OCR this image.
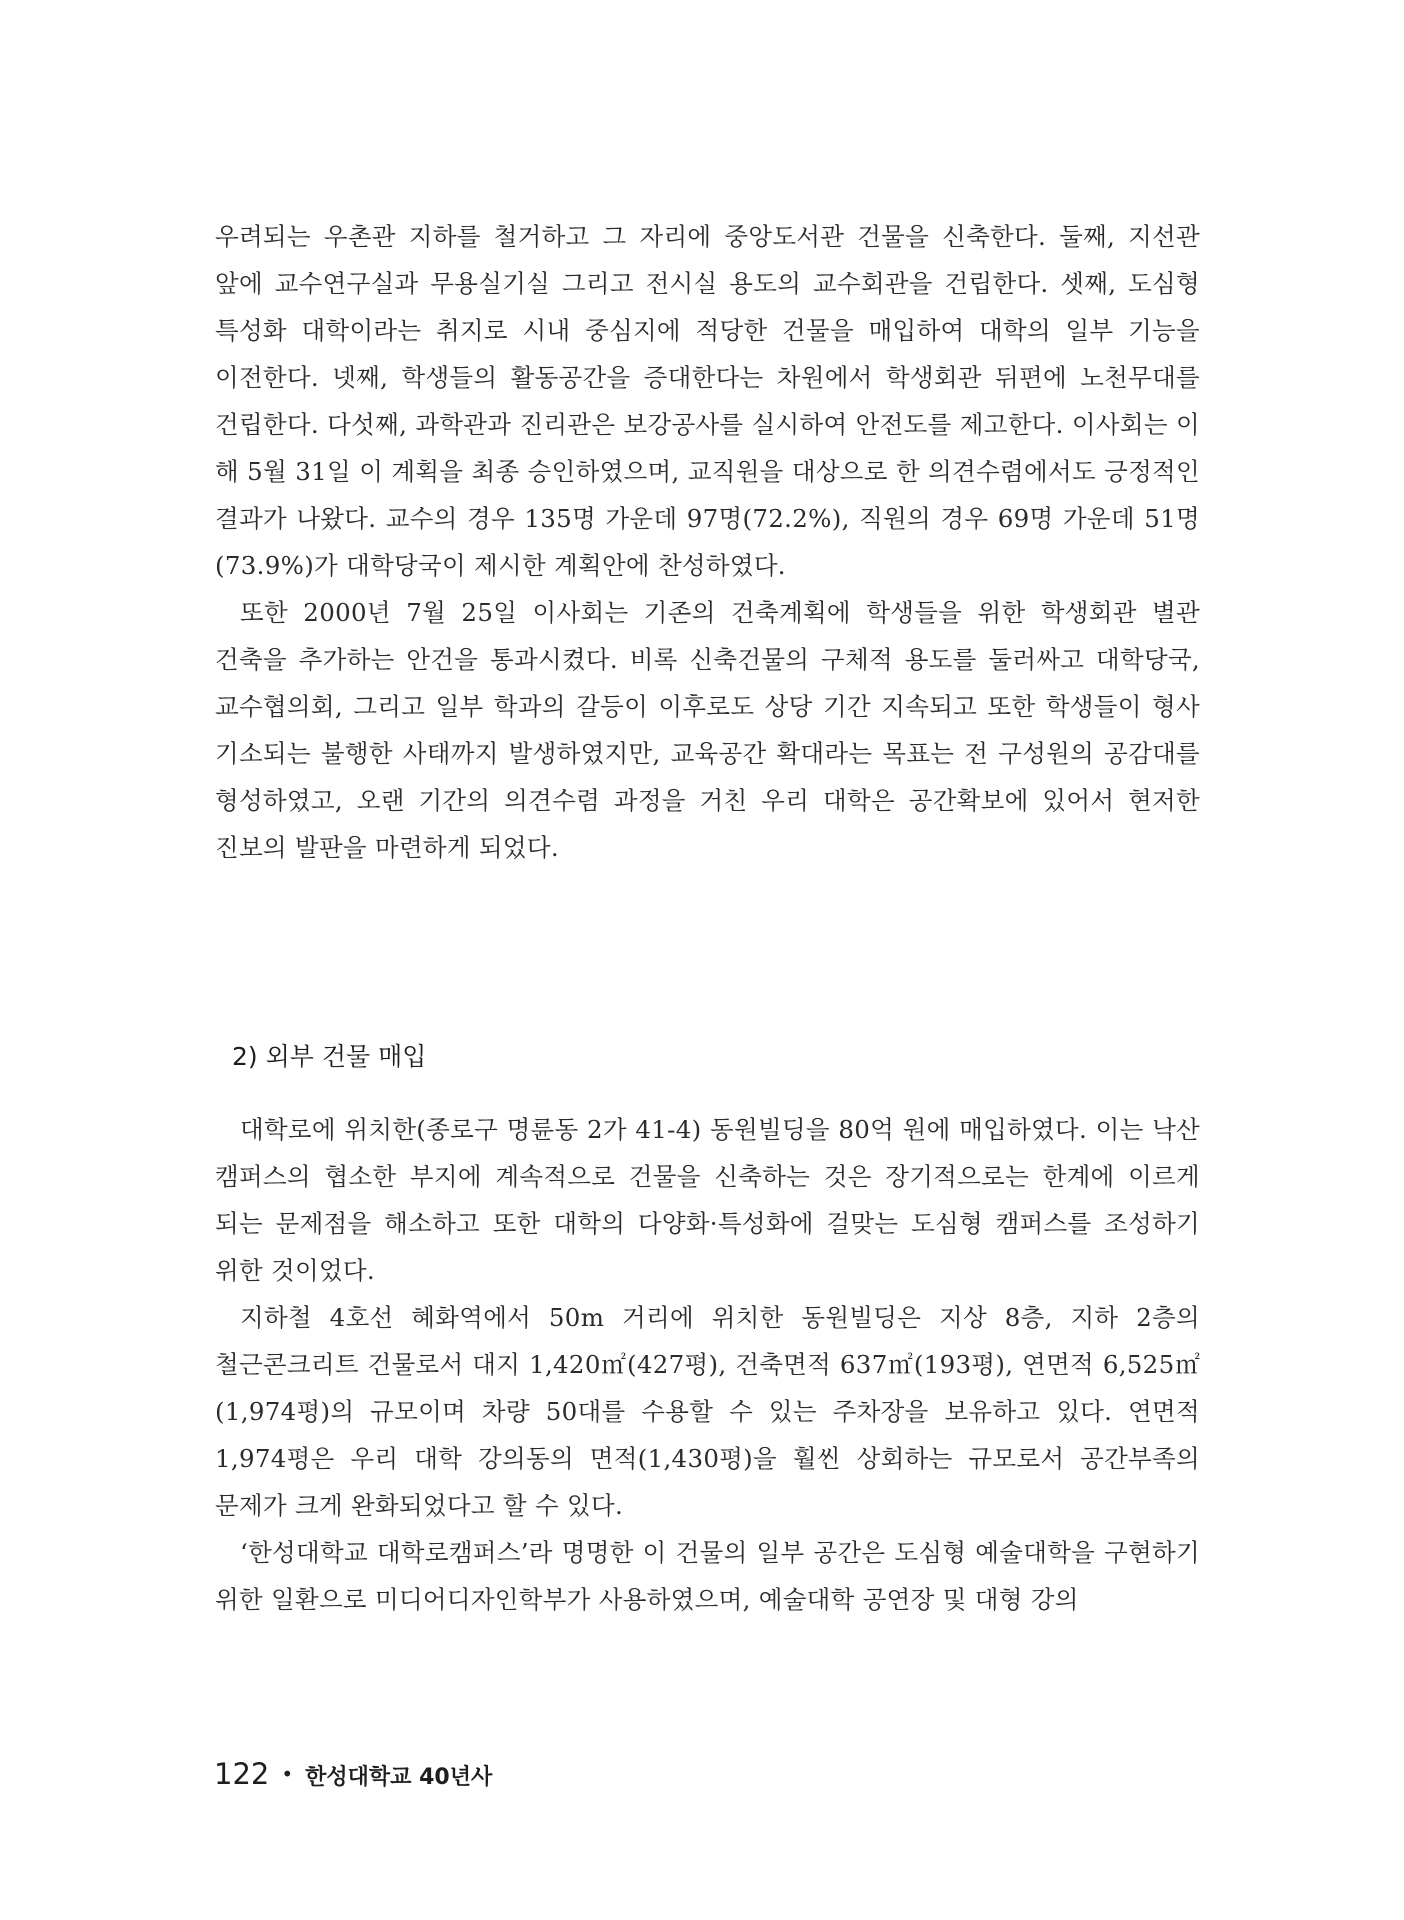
우려되는 우촌관 지하를 철거하고 그 자리에 중앙도서관 건물을 신축한다. 둘째, 지선관 앞에 교수연구실과 무용실기실 그리고 전시실 용도의 교수회관을 건립한다. 셋째, 도심형 특성화 대학이라는 취지로 시내 중심지에 적당한 건물을 매입하여 대학의 일부 기능을 이전한다. 넷째, 학생들의 활동공간을 증대한다는 차원에서 학생회관 뒤편에 노천무대를 건립한다. 다섯째, 과학관과 진리관은 보강공사를 실시하여 안전도를 제고한다. 이사회는 이 해 5월 31일 이 계획을 최종 승인하였으며, 교직원을 대상으로 한 의견수렴에서도 긍정적인 결과가 나왔다. 교수의 경우 135명 가운데 97명(72.2%), 직원의 경우 69명 가운데 51명(73.9%)가 대학당국이 제시한 계획안에 찬성하였다.

또한 2000년 7월 25일 이사회는 기존의 건축계획에 학생들을 위한 학생회관 별관 건축을 추가하는 안건을 통과시켰다. 비록 신축건물의 구체적 용도를 둘러싸고 대학당국, 교수협의회, 그리고 일부 학과의 갈등이 이후로도 상당 기간 지속되고 또한 학생들이 형사 기소되는 불행한 사태까지 발생하였지만, 교육공간 확대라는 목표는 전 구성원의 공감대를 형성하였고, 오랜 기간의 의견수렴 과정을 거친 우리 대학은 공간확보에 있어서 현저한 진보의 발판을 마련하게 되었다.

2) 외부 건물 매입

대학로에 위치한(종로구 명륜동 2가 41-4) 동원빌딩을 80억 원에 매입하였다. 이는 낙산 캠퍼스의 협소한 부지에 계속적으로 건물을 신축하는 것은 장기적으로는 한계에 이르게 되는 문제점을 해소하고 또한 대학의 다양화·특성화에 걸맞는 도심형 캠퍼스를 조성하기 위한 것이었다.

지하철 4호선 혜화역에서 50m 거리에 위치한 동원빌딩은 지상 8층, 지하 2층의 철근콘크리트 건물로서 대지 1,420㎡(427평), 건축면적 637㎡(193평), 연면적 6,525㎡(1,974평)의 규모이며 차량 50대를 수용할 수 있는 주차장을 보유하고 있다. 연면적 1,974평은 우리 대학 강의동의 면적(1,430평)을 훨씬 상회하는 규모로서 공간부족의 문제가 크게 완화되었다고 할 수 있다.

‘한성대학교 대학로캠퍼스’라 명명한 이 건물의 일부 공간은 도심형 예술대학을 구현하기 위한 일환으로 미디어디자인학부가 사용하였으며, 예술대학 공연장 및 대형 강의

122 • 한성대학교 40년사
